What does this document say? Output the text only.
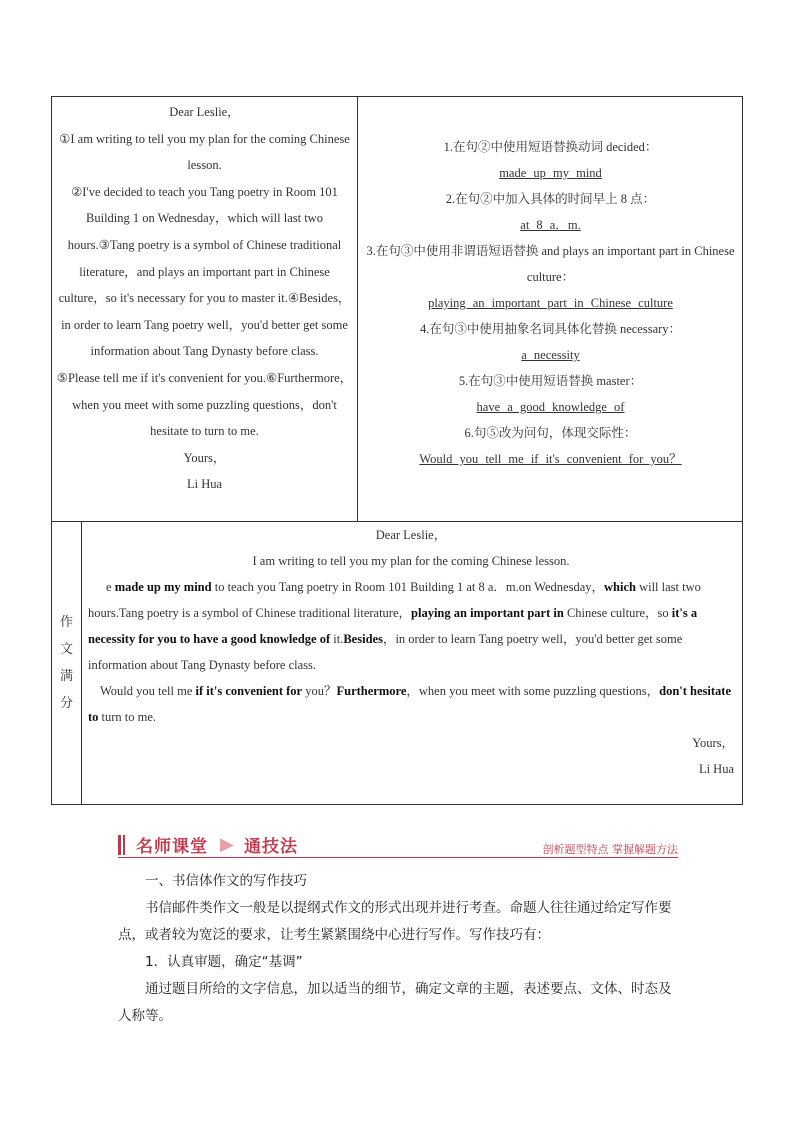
Dear Leslie，
①I am writing to tell you my plan for the coming Chinese lesson.
②I've decided to teach you Tang poetry in Room 101 Building 1 on Wednesday，which will last two hours.③Tang poetry is a symbol of Chinese traditional literature，and plays an important part in Chinese culture，so it's necessary for you to master it.④Besides，in order to learn Tang poetry well，you'd better get some information about Tang Dynasty before class.
⑤Please tell me if it's convenient for you.⑥Furthermore，when you meet with some puzzling questions，don't hesitate to turn to me.
Yours，
Li Hua
1.在句②中使用短语替换动词 decided：
made up my mind
2.在句②中加入具体的时间早上 8 点：
at 8 a．m.
3.在句③中使用非谓语短语替换 and plays an important part in Chinese culture：
playing an important part in Chinese culture
4.在句③中使用抽象名词具体化替换 necessary：
a necessity
5.在句③中使用短语替换 master：
have a good knowledge of
6.句⑤改为问句，体现交际性：
Would you tell me if it's convenient for you？
作
文
满
分
Dear Leslie，
I am writing to tell you my plan for the coming Chinese lesson.
e made up my mind to teach you Tang poetry in Room 101 Building 1 at 8 a．m.on Wednesday，which will last two hours.Tang poetry is a symbol of Chinese traditional literature，playing an important part in Chinese culture，so it's a necessity for you to have a good knowledge of it.Besides，in order to learn Tang poetry well，you'd better get some information about Tang Dynasty before class.
Would you tell me if it's convenient for you？Furthermore，when you meet with some puzzling questions，don't hesitate to turn to me.
Yours，
Li Hua
名师课堂 ▶ 通技法	剖析题型特点 掌握解题方法

一、书信体作文的写作技巧

书信邮件类作文一般是以提纲式作文的形式出现并进行考查。命题人往往通过给定写作要点，或者较为宽泛的要求，让考生紧紧围绕中心进行写作。写作技巧有：

1．认真审题，确定“基调”

通过题目所给的文字信息，加以适当的细节，确定文章的主题，表述要点、文体、时态及人称等。
